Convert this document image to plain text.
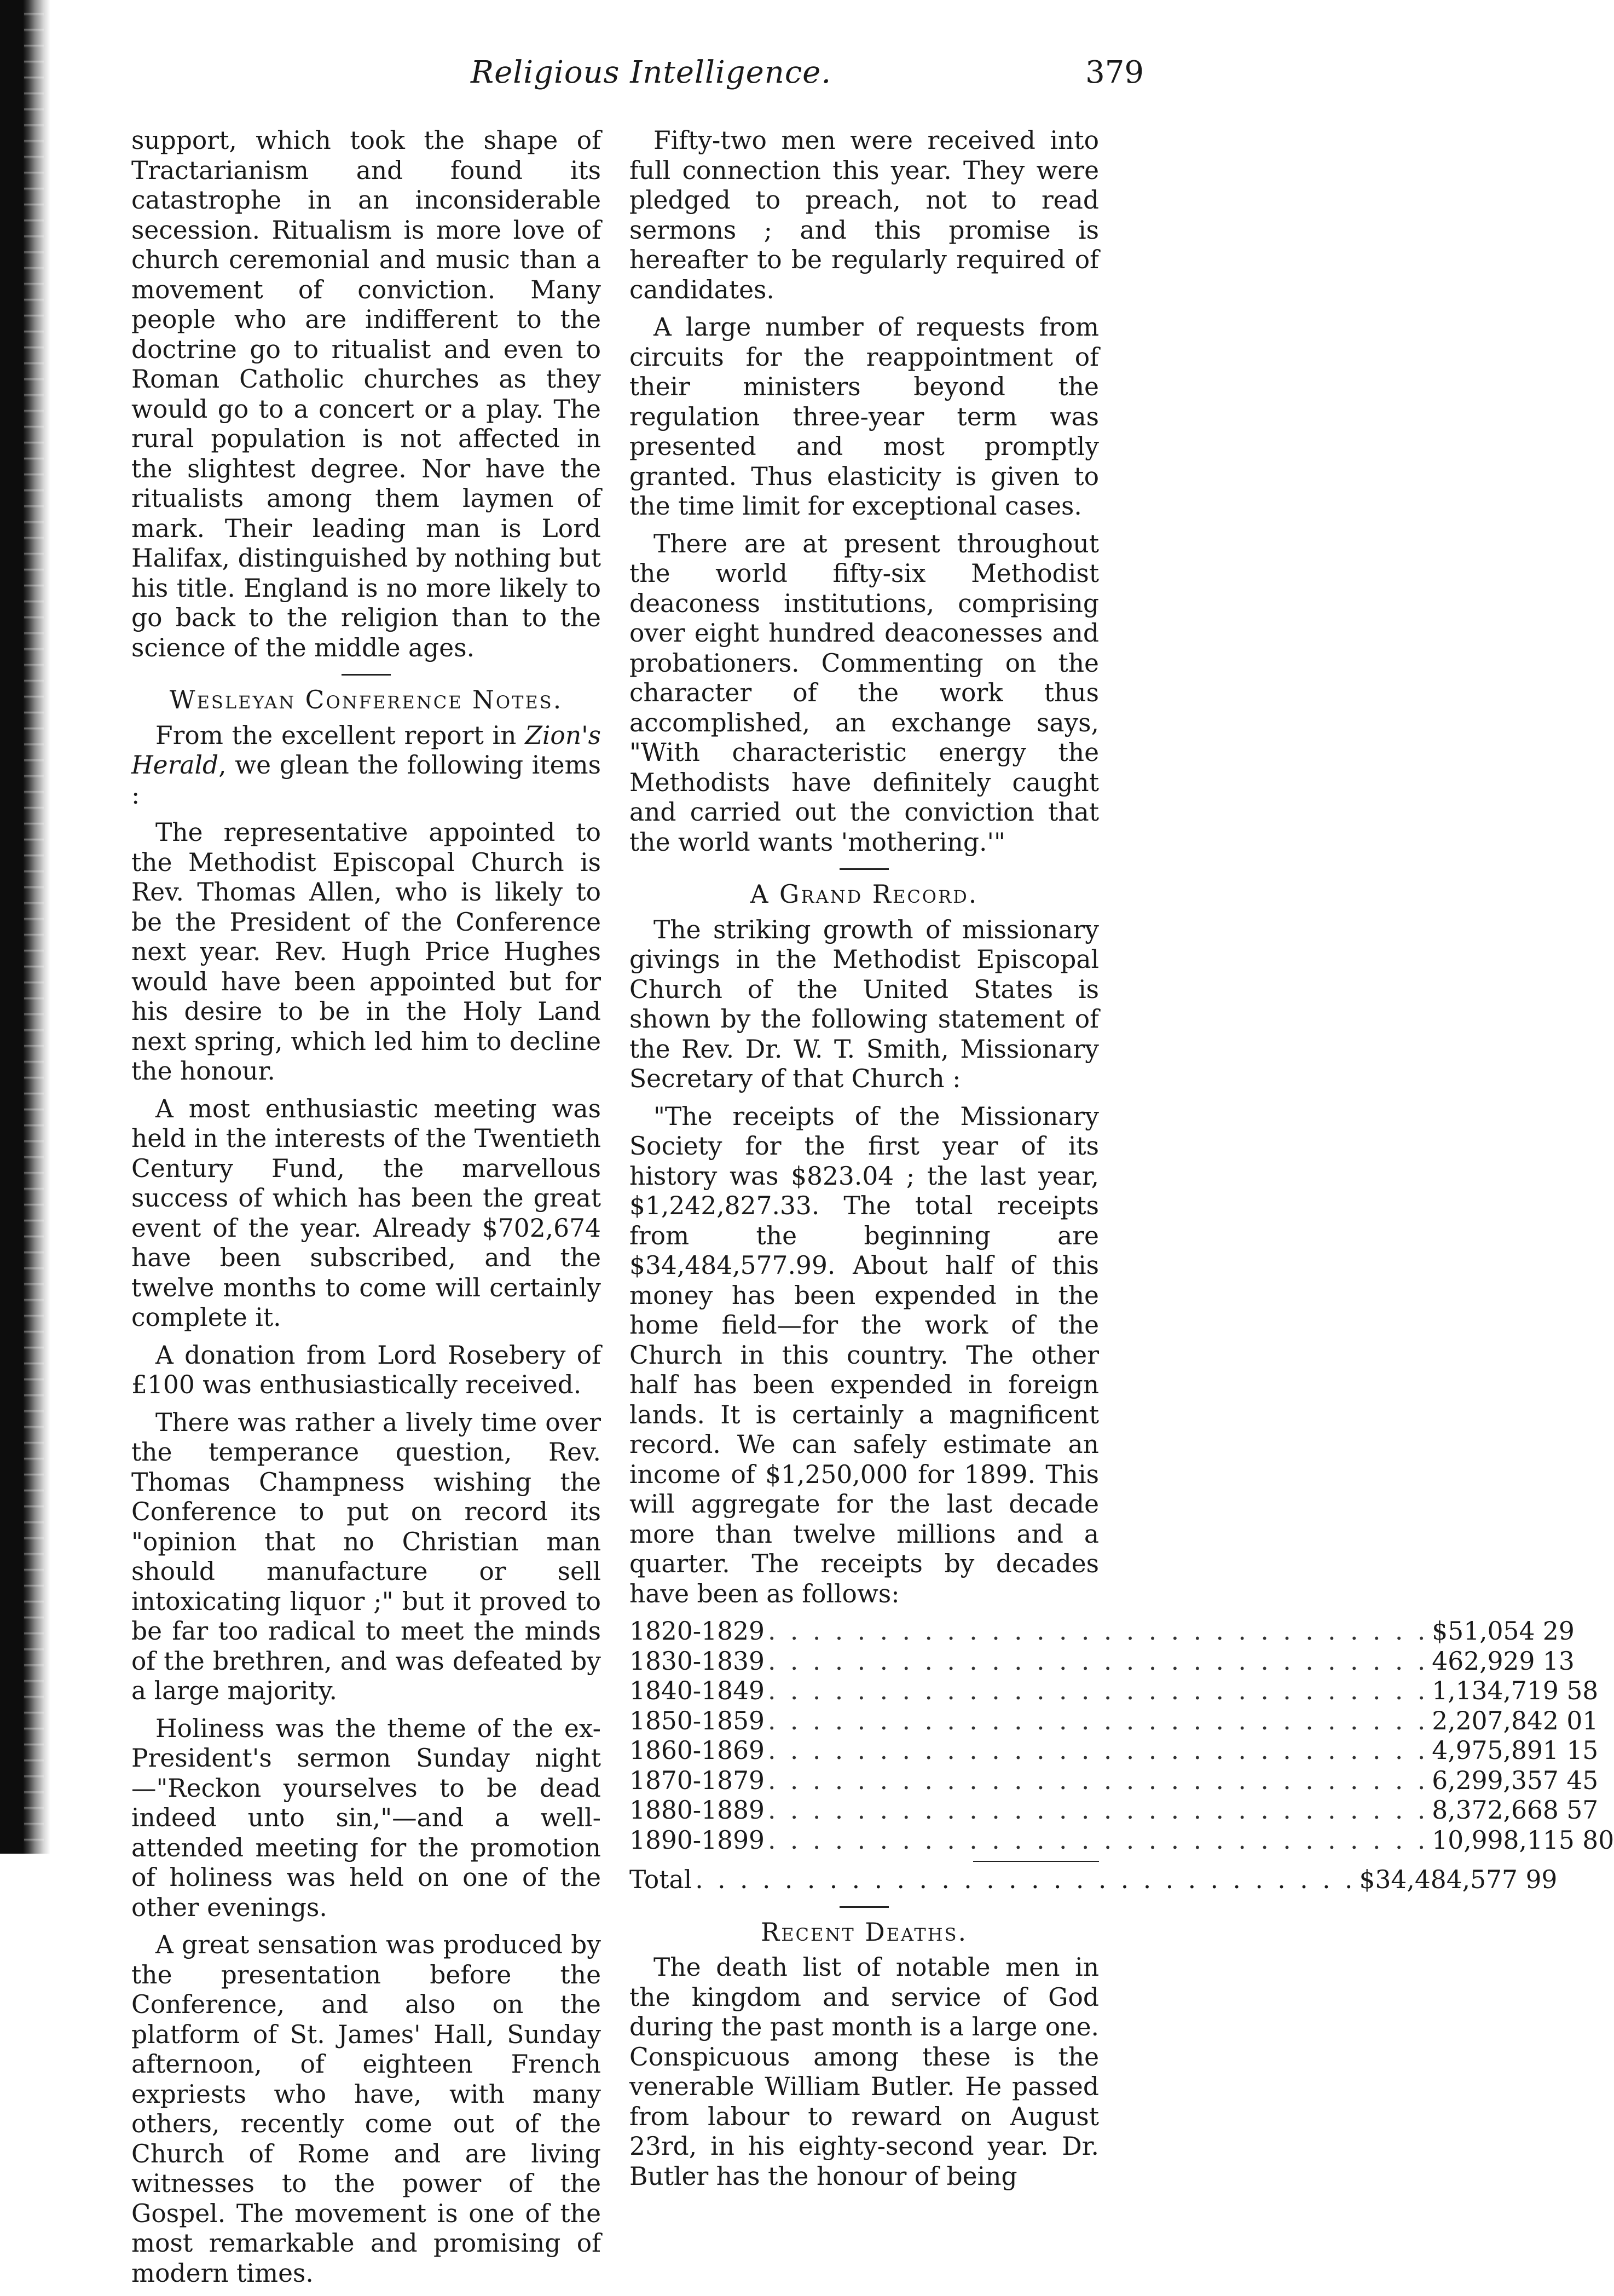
Religious Intelligence.	379

support, which took the shape of Tractarianism and found its catastrophe in an inconsiderable secession. Ritualism is more love of church ceremonial and music than a movement of conviction. Many people who are indifferent to the doctrine go to ritualist and even to Roman Catholic churches as they would go to a concert or a play. The rural population is not affected in the slightest degree. Nor have the ritualists among them laymen of mark. Their leading man is Lord Halifax, distinguished by nothing but his title. England is no more likely to go back to the religion than to the science of the middle ages.

Wesleyan Conference Notes.

From the excellent report in Zion's Herald, we glean the following items :

The representative appointed to the Methodist Episcopal Church is Rev. Thomas Allen, who is likely to be the President of the Conference next year. Rev. Hugh Price Hughes would have been appointed but for his desire to be in the Holy Land next spring, which led him to decline the honour.

A most enthusiastic meeting was held in the interests of the Twentieth Century Fund, the marvellous success of which has been the great event of the year. Already $702,674 have been subscribed, and the twelve months to come will certainly complete it.

A donation from Lord Rosebery of £100 was enthusiastically received.

There was rather a lively time over the temperance question, Rev. Thomas Champness wishing the Conference to put on record its "opinion that no Christian man should manufacture or sell intoxicating liquor ;" but it proved to be far too radical to meet the minds of the brethren, and was defeated by a large majority.

Holiness was the theme of the ex-President's sermon Sunday night—"Reckon yourselves to be dead indeed unto sin,"—and a well-attended meeting for the promotion of holiness was held on one of the other evenings.

A great sensation was produced by the presentation before the Conference, and also on the platform of St. James' Hall, Sunday afternoon, of eighteen French expriests who have, with many others, recently come out of the Church of Rome and are living witnesses to the power of the Gospel. The movement is one of the most remarkable and promising of modern times.

Fifty-two men were received into full connection this year. They were pledged to preach, not to read sermons ; and this promise is hereafter to be regularly required of candidates.

A large number of requests from circuits for the reappointment of their ministers beyond the regulation three-year term was presented and most promptly granted. Thus elasticity is given to the time limit for exceptional cases.

There are at present throughout the world fifty-six Methodist deaconess institutions, comprising over eight hundred deaconesses and probationers. Commenting on the character of the work thus accomplished, an exchange says, "With characteristic energy the Methodists have definitely caught and carried out the conviction that the world wants 'mothering.'"

A Grand Record.

The striking growth of missionary givings in the Methodist Episcopal Church of the United States is shown by the following statement of the Rev. Dr. W. T. Smith, Missionary Secretary of that Church :

"The receipts of the Missionary Society for the first year of its history was $823.04 ; the last year, $1,242,827.33. The total receipts from the beginning are $34,484,577.99. About half of this money has been expended in the home field—for the work of the Church in this country. The other half has been expended in foreign lands. It is certainly a magnificent record. We can safely estimate an income of $1,250,000 for 1899. This will aggregate for the last decade more than twelve millions and a quarter. The receipts by decades have been as follows:

1820-1829 . . . . . . . . . . . . . . . . . . . . . . . . . . . . . . $51,054 29
1830-1839 . . . . . . . . . . . . . . . . . . . . . . . . . . . . . . 462,929 13
1840-1849 . . . . . . . . . . . . . . . . . . . . . . . . . . . . . . 1,134,719 58
1850-1859 . . . . . . . . . . . . . . . . . . . . . . . . . . . . . . 2,207,842 01
1860-1869 . . . . . . . . . . . . . . . . . . . . . . . . . . . . . . 4,975,891 15
1870-1879 . . . . . . . . . . . . . . . . . . . . . . . . . . . . . . 6,299,357 45
1880-1889 . . . . . . . . . . . . . . . . . . . . . . . . . . . . . . 8,372,668 57
1890-1899 . . . . . . . . . . . . . . . . . . . . . . . . . . . . . . 10,998,115 80
Total . . . . . . . . . . . . . . . . . . . . . . . . . . . . . . $34,484,577 99
Recent Deaths.

The death list of notable men in the kingdom and service of God during the past month is a large one. Conspicuous among these is the venerable William Butler. He passed from labour to reward on August 23rd, in his eighty-second year. Dr. Butler has the honour of being
